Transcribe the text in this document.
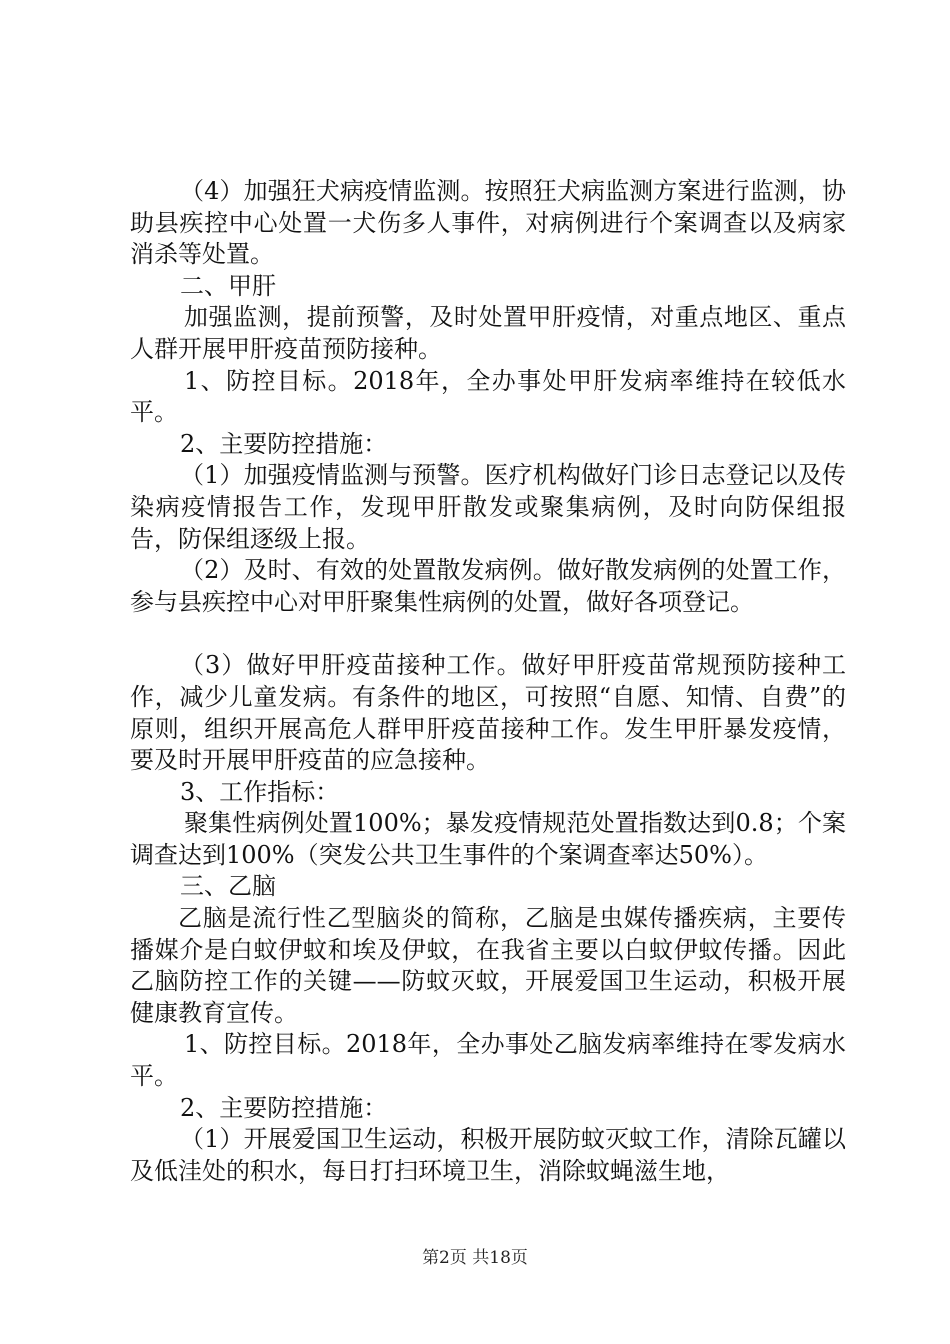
（4）加强狂犬病疫情监测。按照狂犬病监测方案进行监测，协助县疾控中心处置一犬伤多人事件，对病例进行个案调查以及病家消杀等处置。

二、甲肝

加强监测，提前预警，及时处置甲肝疫情，对重点地区、重点人群开展甲肝疫苗预防接种。

1、防控目标。2018年，全办事处甲肝发病率维持在较低水平。

2、主要防控措施：

（1）加强疫情监测与预警。医疗机构做好门诊日志登记以及传染病疫情报告工作，发现甲肝散发或聚集病例，及时向防保组报告，防保组逐级上报。

（2）及时、有效的处置散发病例。做好散发病例的处置工作，参与县疾控中心对甲肝聚集性病例的处置，做好各项登记。

（3）做好甲肝疫苗接种工作。做好甲肝疫苗常规预防接种工作，减少儿童发病。有条件的地区，可按照“自愿、知情、自费”的原则，组织开展高危人群甲肝疫苗接种工作。发生甲肝暴发疫情，要及时开展甲肝疫苗的应急接种。

3、工作指标：

聚集性病例处置100%；暴发疫情规范处置指数达到0.8；个案调查达到100%（突发公共卫生事件的个案调查率达50%）。

三、乙脑

乙脑是流行性乙型脑炎的简称，乙脑是虫媒传播疾病，主要传播媒介是白蚊伊蚊和埃及伊蚊，在我省主要以白蚊伊蚊传播。因此乙脑防控工作的关键——防蚊灭蚊，开展爱国卫生运动，积极开展健康教育宣传。

1、防控目标。2018年，全办事处乙脑发病率维持在零发病水平。

2、主要防控措施：

（1）开展爱国卫生运动，积极开展防蚊灭蚊工作，清除瓦罐以及低洼处的积水，每日打扫环境卫生，消除蚊蝇滋生地，

第2页 共18页
